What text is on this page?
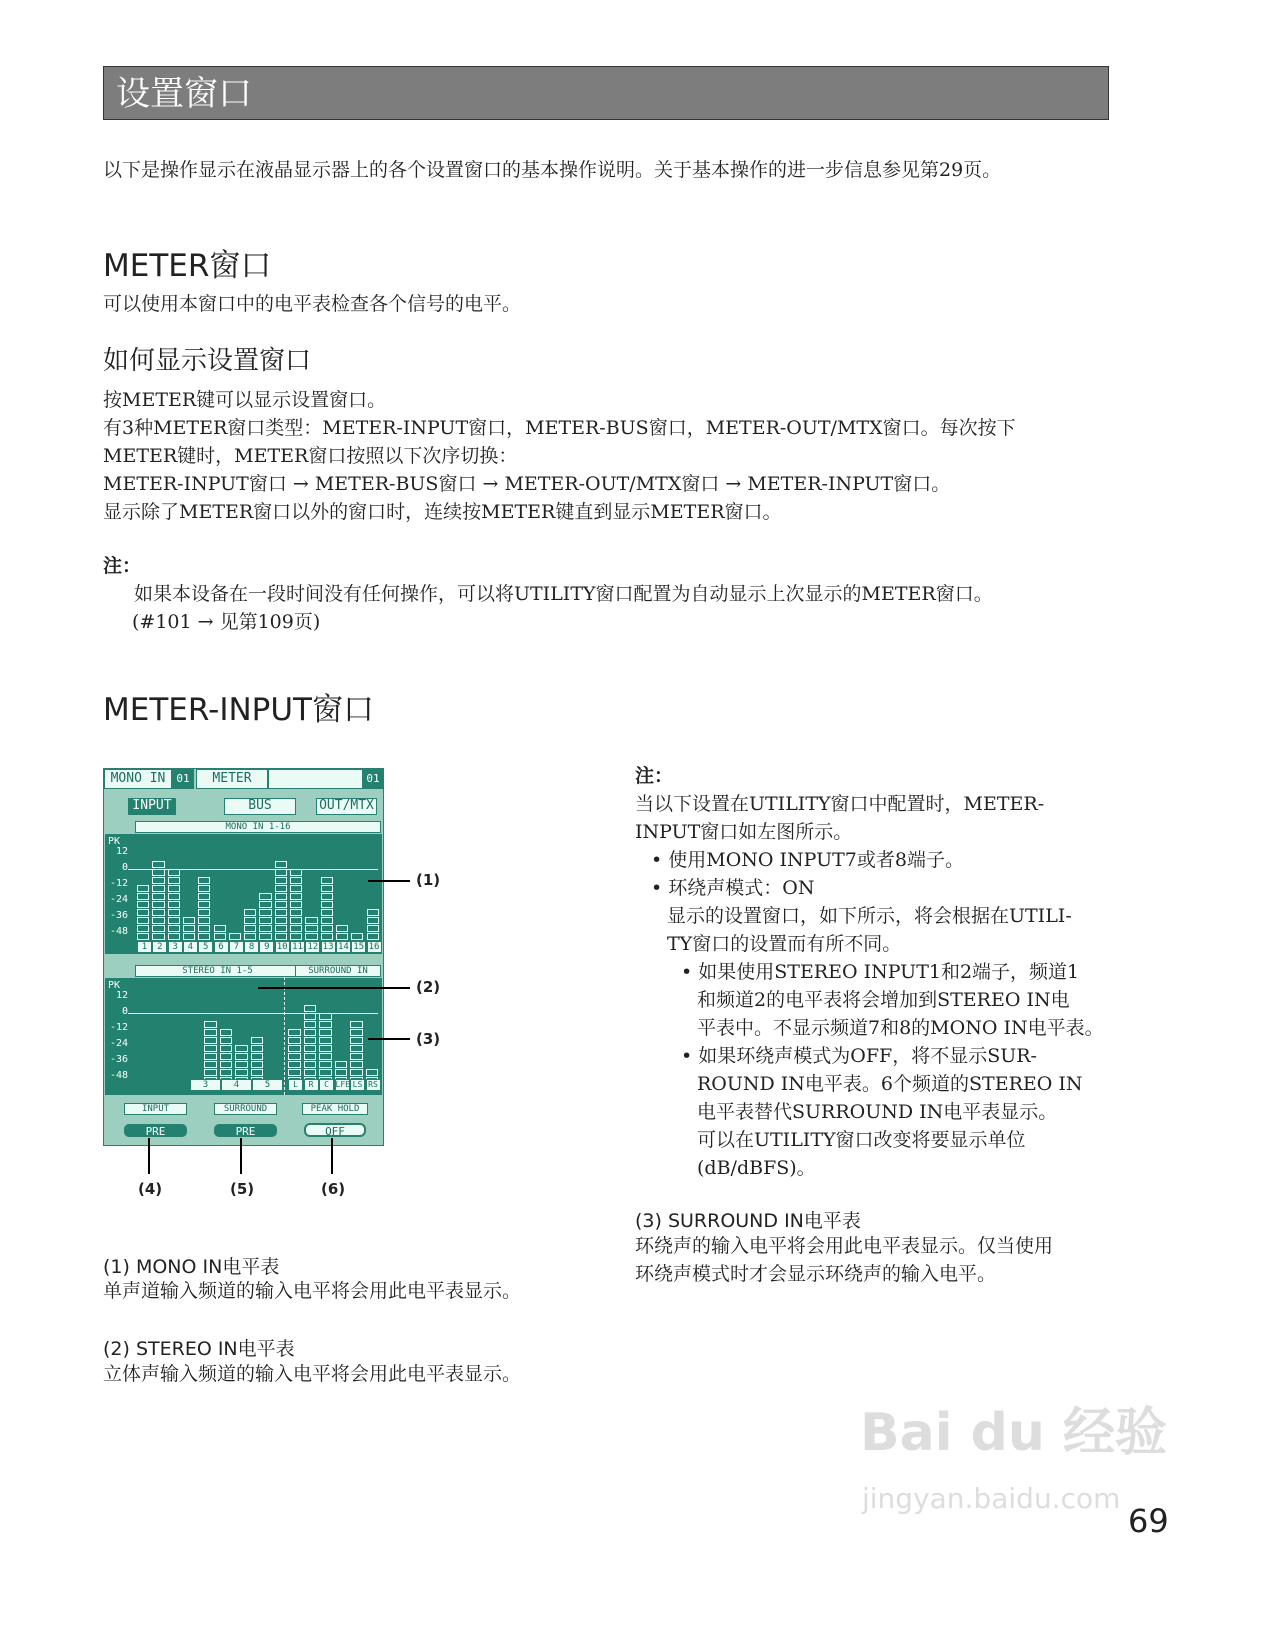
设置窗口
以下是操作显示在液晶显示器上的各个设置窗口的基本操作说明。关于基本操作的进一步信息参见第29页。
METER窗口
可以使用本窗口中的电平表检查各个信号的电平。
如何显示设置窗口
按METER键可以显示设置窗口。
有3种METER窗口类型：METER-INPUT窗口，METER-BUS窗口，METER-OUT/MTX窗口。每次按下
METER键时，METER窗口按照以下次序切换：
METER-INPUT窗口 → METER-BUS窗口 → METER-OUT/MTX窗口 → METER-INPUT窗口。
显示除了METER窗口以外的窗口时，连续按METER键直到显示METER窗口。
注：
如果本设备在一段时间没有任何操作，可以将UTILITY窗口配置为自动显示上次显示的METER窗口。
(#101 → 见第109页)
METER-INPUT窗口
MONO IN 01	METER	01
INPUT	BUS	OUT/MTX
MONO IN 1-16
STEREO IN 1-5	SURROUND IN
PK
12
0
-12
-24
-36
-48
PK
12
0
-12
-24
-36
-48
1	2	3	4	5	6	7	8	9 10 11 12 13 14 15 16
3	4	5	L	R	C LFE LS RS
INPUT	SURROUND	PEAK HOLD
PRE	PRE	OFF
(1)
(2)
(3)
(4)	(5)	(6)
注：
当以下设置在UTILITY窗口中配置时，METER-
INPUT窗口如左图所示。
• 使用MONO INPUT7或者8端子。
• 环绕声模式：ON
显示的设置窗口，如下所示，将会根据在UTILI-
TY窗口的设置而有所不同。
• 如果使用STEREO INPUT1和2端子，频道1
和频道2的电平表将会增加到STEREO IN电
平表中。不显示频道7和8的MONO IN电平表。
• 如果环绕声模式为OFF，将不显示SUR-
ROUND IN电平表。6个频道的STEREO IN
电平表替代SURROUND IN电平表显示。
可以在UTILITY窗口改变将要显示单位
(dB/dBFS)。
(3) SURROUND IN电平表
环绕声的输入电平将会用此电平表显示。仅当使用
环绕声模式时才会显示环绕声的输入电平。
(1) MONO IN电平表
单声道输入频道的输入电平将会用此电平表显示。
(2) STEREO IN电平表
立体声输入频道的输入电平将会用此电平表显示。
Bai du 经验
jingyan.baidu.com
69
